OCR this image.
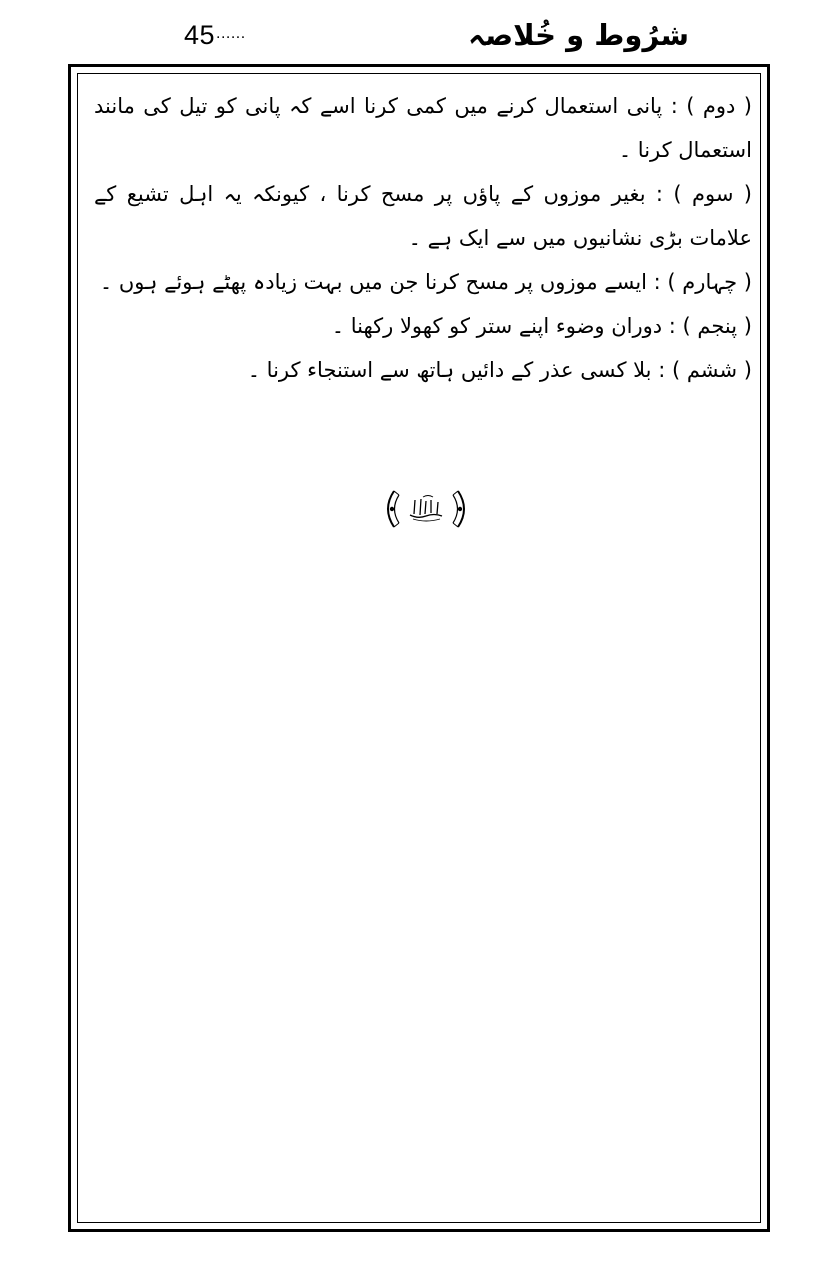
45 ......	شرُوط و خُلاصہ

( دوم ) : پانی استعمال کرنے میں کمی کرنا اسے کہ پانی کو تیل کی مانند استعمال کرنا ۔

( سوم ) : بغیر موزوں کے پاؤں پر مسح کرنا ، کیونکہ یہ اہل تشیع کے علامات بڑی نشانیوں میں سے ایک ہے ۔

( چہارم ) : ایسے موزوں پر مسح کرنا جن میں بہت زیادہ پھٹے ہوئے ہوں ۔

( پنجم ) : دوران وضوء اپنے ستر کو کھولا رکھنا ۔

( ششم ) : بلا کسی عذر کے دائیں ہاتھ سے استنجاء کرنا ۔
